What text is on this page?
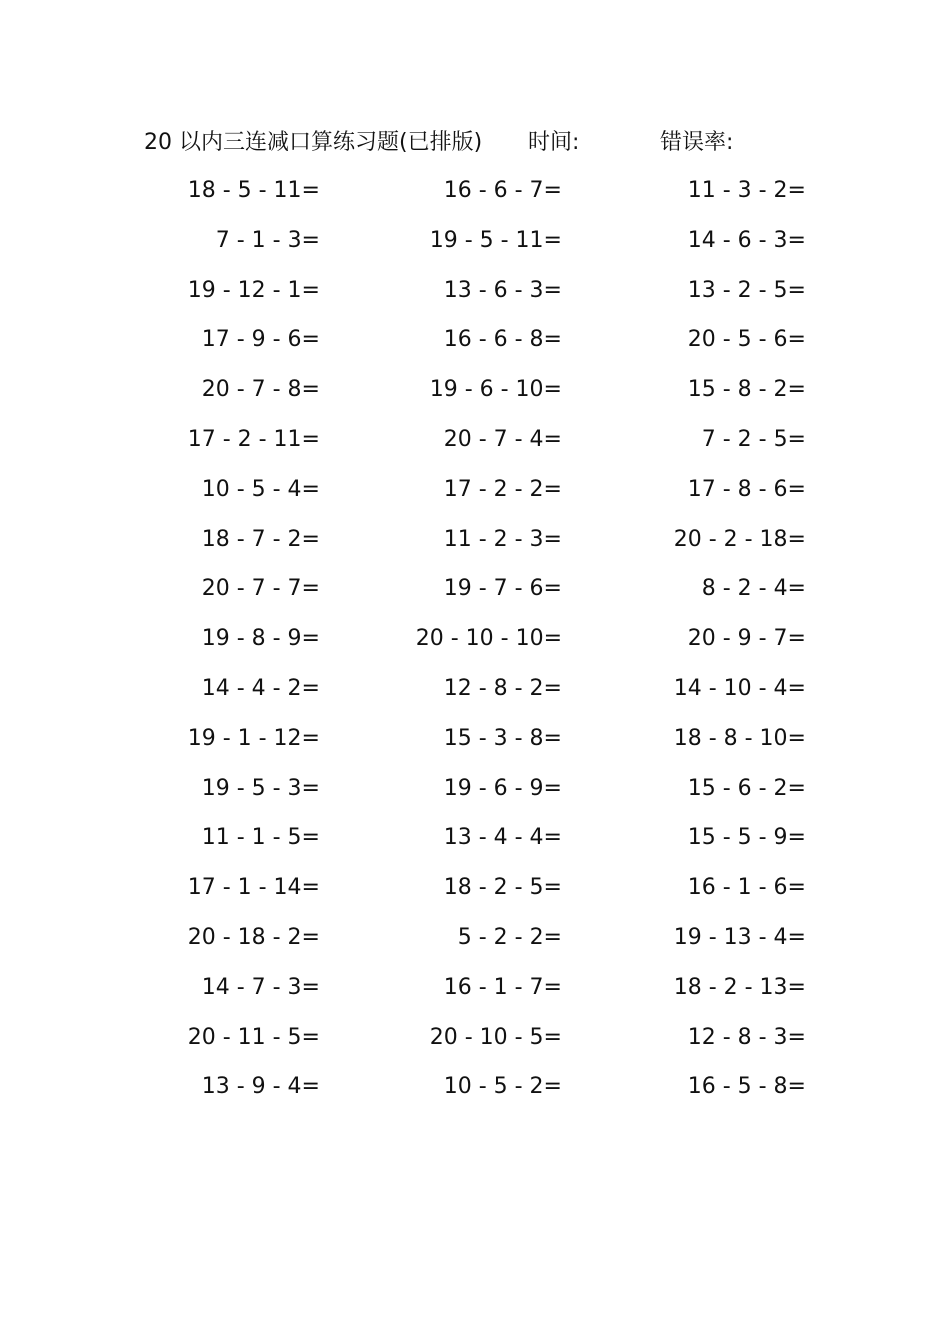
20 以内三连减口算练习题(已排版) 时间:	错误率:
18 - 5 - 11=	16 - 6 - 7=	11 - 3 - 2=
7 - 1 - 3=	19 - 5 - 11=	14 - 6 - 3=
19 - 12 - 1=	13 - 6 - 3=	13 - 2 - 5=
17 - 9 - 6=	16 - 6 - 8=	20 - 5 - 6=
20 - 7 - 8=	19 - 6 - 10=	15 - 8 - 2=
17 - 2 - 11=	20 - 7 - 4=	7 - 2 - 5=
10 - 5 - 4=	17 - 2 - 2=	17 - 8 - 6=
18 - 7 - 2=	11 - 2 - 3=	20 - 2 - 18=
20 - 7 - 7=	19 - 7 - 6=	8 - 2 - 4=
19 - 8 - 9=	20 - 10 - 10=	20 - 9 - 7=
14 - 4 - 2=	12 - 8 - 2=	14 - 10 - 4=
19 - 1 - 12=	15 - 3 - 8=	18 - 8 - 10=
19 - 5 - 3=	19 - 6 - 9=	15 - 6 - 2=
11 - 1 - 5=	13 - 4 - 4=	15 - 5 - 9=
17 - 1 - 14=	18 - 2 - 5=	16 - 1 - 6=
20 - 18 - 2=	5 - 2 - 2=	19 - 13 - 4=
14 - 7 - 3=	16 - 1 - 7=	18 - 2 - 13=
20 - 11 - 5=	20 - 10 - 5=	12 - 8 - 3=
13 - 9 - 4=	10 - 5 - 2=	16 - 5 - 8=
